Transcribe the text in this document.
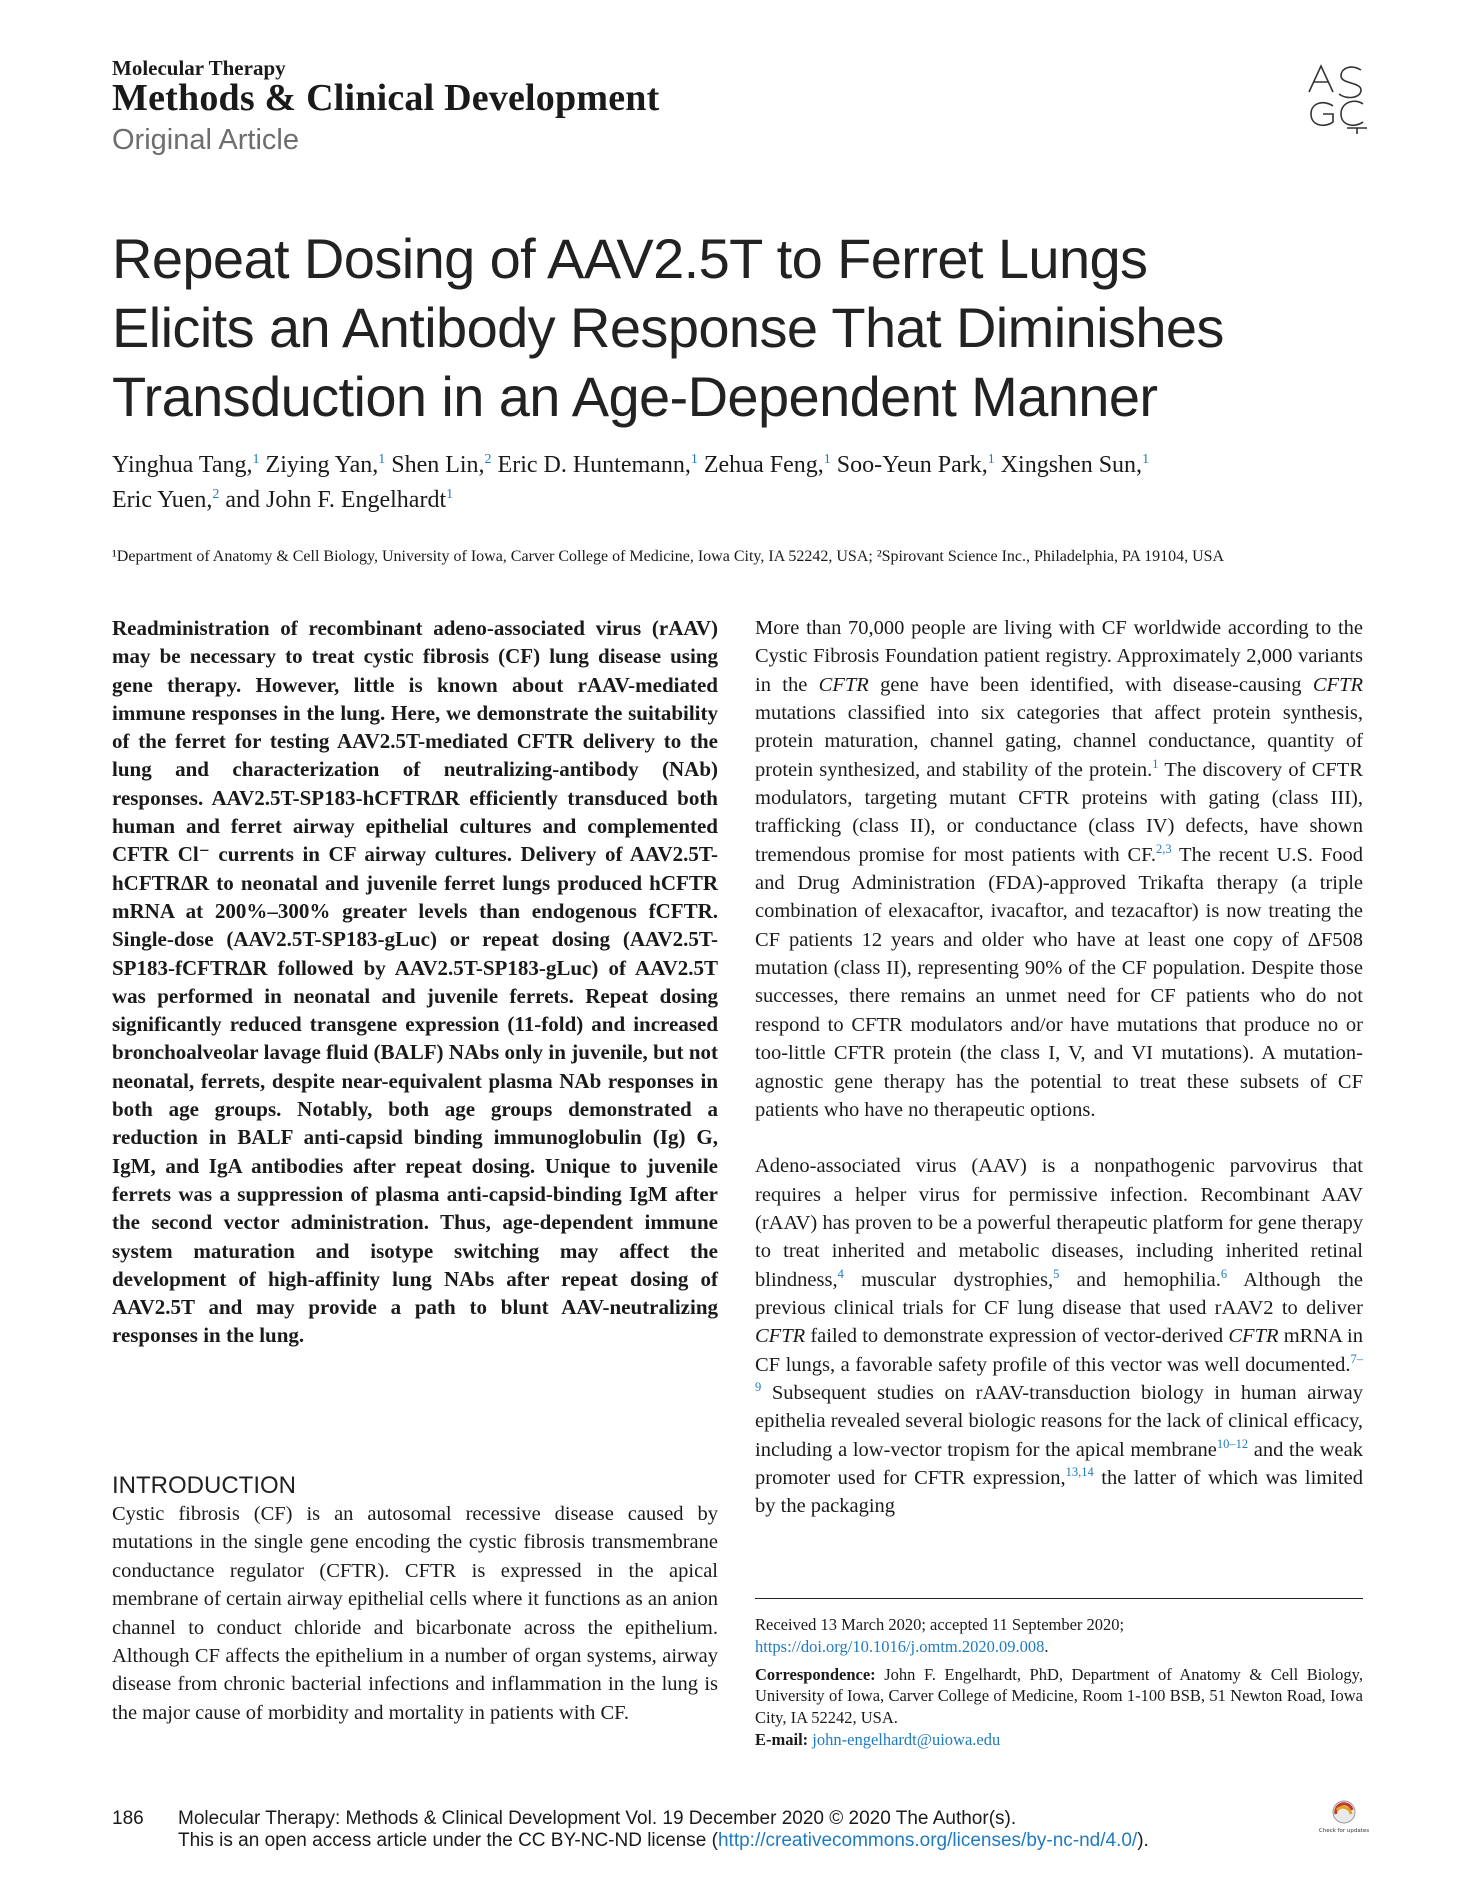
Molecular Therapy
Methods & Clinical Development
Original Article
Repeat Dosing of AAV2.5T to Ferret Lungs
Elicits an Antibody Response That Diminishes
Transduction in an Age-Dependent Manner
Yinghua Tang,$^1$ Ziying Yan,$^1$ Shen Lin,$^2$ Eric D. Huntemann,$^1$ Zehua Feng,$^1$ Soo-Yeun Park,$^1$ Xingshen Sun,$^1$
Eric Yuen,$^2$ and John F. Engelhardt$^1$
¹Department of Anatomy & Cell Biology, University of Iowa, Carver College of Medicine, Iowa City, IA 52242, USA; ²Spirovant Science Inc., Philadelphia, PA 19104, USA
Readministration of recombinant adeno-associated virus (rAAV) may be necessary to treat cystic fibrosis (CF) lung disease using gene therapy. However, little is known about rAAV-mediated immune responses in the lung. Here, we demonstrate the suitability of the ferret for testing AAV2.5T-mediated CFTR delivery to the lung and characterization of neutralizing-antibody (NAb) responses. AAV2.5T-SP183-hCFTRΔR efficiently transduced both human and ferret airway epithelial cultures and complemented CFTR Cl⁻ currents in CF airway cultures. Delivery of AAV2.5T-hCFTRΔR to neonatal and juvenile ferret lungs produced hCFTR mRNA at 200%–300% greater levels than endogenous fCFTR. Single-dose (AAV2.5T-SP183-gLuc) or repeat dosing (AAV2.5T-SP183-fCFTRΔR followed by AAV2.5T-SP183-gLuc) of AAV2.5T was performed in neonatal and juvenile ferrets. Repeat dosing significantly reduced transgene expression (11-fold) and increased bronchoalveolar lavage fluid (BALF) NAbs only in juvenile, but not neonatal, ferrets, despite near-equivalent plasma NAb responses in both age groups. Notably, both age groups demonstrated a reduction in BALF anti-capsid binding immunoglobulin (Ig) G, IgM, and IgA antibodies after repeat dosing. Unique to juvenile ferrets was a suppression of plasma anti-capsid-binding IgM after the second vector administration. Thus, age-dependent immune system maturation and isotype switching may affect the development of high-affinity lung NAbs after repeat dosing of AAV2.5T and may provide a path to blunt AAV-neutralizing responses in the lung.
INTRODUCTION
Cystic fibrosis (CF) is an autosomal recessive disease caused by mutations in the single gene encoding the cystic fibrosis transmembrane conductance regulator (CFTR). CFTR is expressed in the apical membrane of certain airway epithelial cells where it functions as an anion channel to conduct chloride and bicarbonate across the epithelium. Although CF affects the epithelium in a number of organ systems, airway disease from chronic bacterial infections and inflammation in the lung is the major cause of morbidity and mortality in patients with CF.

More than 70,000 people are living with CF worldwide according to the Cystic Fibrosis Foundation patient registry. Approximately 2,000 variants in the CFTR gene have been identified, with disease-causing CFTR mutations classified into six categories that affect protein synthesis, protein maturation, channel gating, channel conductance, quantity of protein synthesized, and stability of the protein.$^1$ The discovery of CFTR modulators, targeting mutant CFTR proteins with gating (class III), trafficking (class II), or conductance (class IV) defects, have shown tremendous promise for most patients with CF.$^{2,3}$ The recent U.S. Food and Drug Administration (FDA)-approved Trikafta therapy (a triple combination of elexacaftor, ivacaftor, and tezacaftor) is now treating the CF patients 12 years and older who have at least one copy of ΔF508 mutation (class II), representing 90% of the CF population. Despite those successes, there remains an unmet need for CF patients who do not respond to CFTR modulators and/or have mutations that produce no or too-little CFTR protein (the class I, V, and VI mutations). A mutation-agnostic gene therapy has the potential to treat these subsets of CF patients who have no therapeutic options.

Adeno-associated virus (AAV) is a nonpathogenic parvovirus that requires a helper virus for permissive infection. Recombinant AAV (rAAV) has proven to be a powerful therapeutic platform for gene therapy to treat inherited and metabolic diseases, including inherited retinal blindness,$^4$ muscular dystrophies,$^5$ and hemophilia.$^6$ Although the previous clinical trials for CF lung disease that used rAAV2 to deliver CFTR failed to demonstrate expression of vector-derived CFTR mRNA in CF lungs, a favorable safety profile of this vector was well documented.$^{7-9}$ Subsequent studies on rAAV-transduction biology in human airway epithelia revealed several biologic reasons for the lack of clinical efficacy, including a low-vector tropism for the apical membrane$^{10-12}$ and the weak promoter used for CFTR expression,$^{13,14}$ the latter of which was limited by the packaging

Received 13 March 2020; accepted 11 September 2020;
https://doi.org/10.1016/j.omtm.2020.09.008.

Correspondence: John F. Engelhardt, PhD, Department of Anatomy & Cell Biology, University of Iowa, Carver College of Medicine, Room 1-100 BSB, 51 Newton Road, Iowa City, IA 52242, USA.
E-mail: john-engelhardt@uiowa.edu

186 Molecular Therapy: Methods & Clinical Development Vol. 19 December 2020 © 2020 The Author(s).
This is an open access article under the CC BY-NC-ND license (http://creativecommons.org/licenses/by-nc-nd/4.0/).	Check for updates
